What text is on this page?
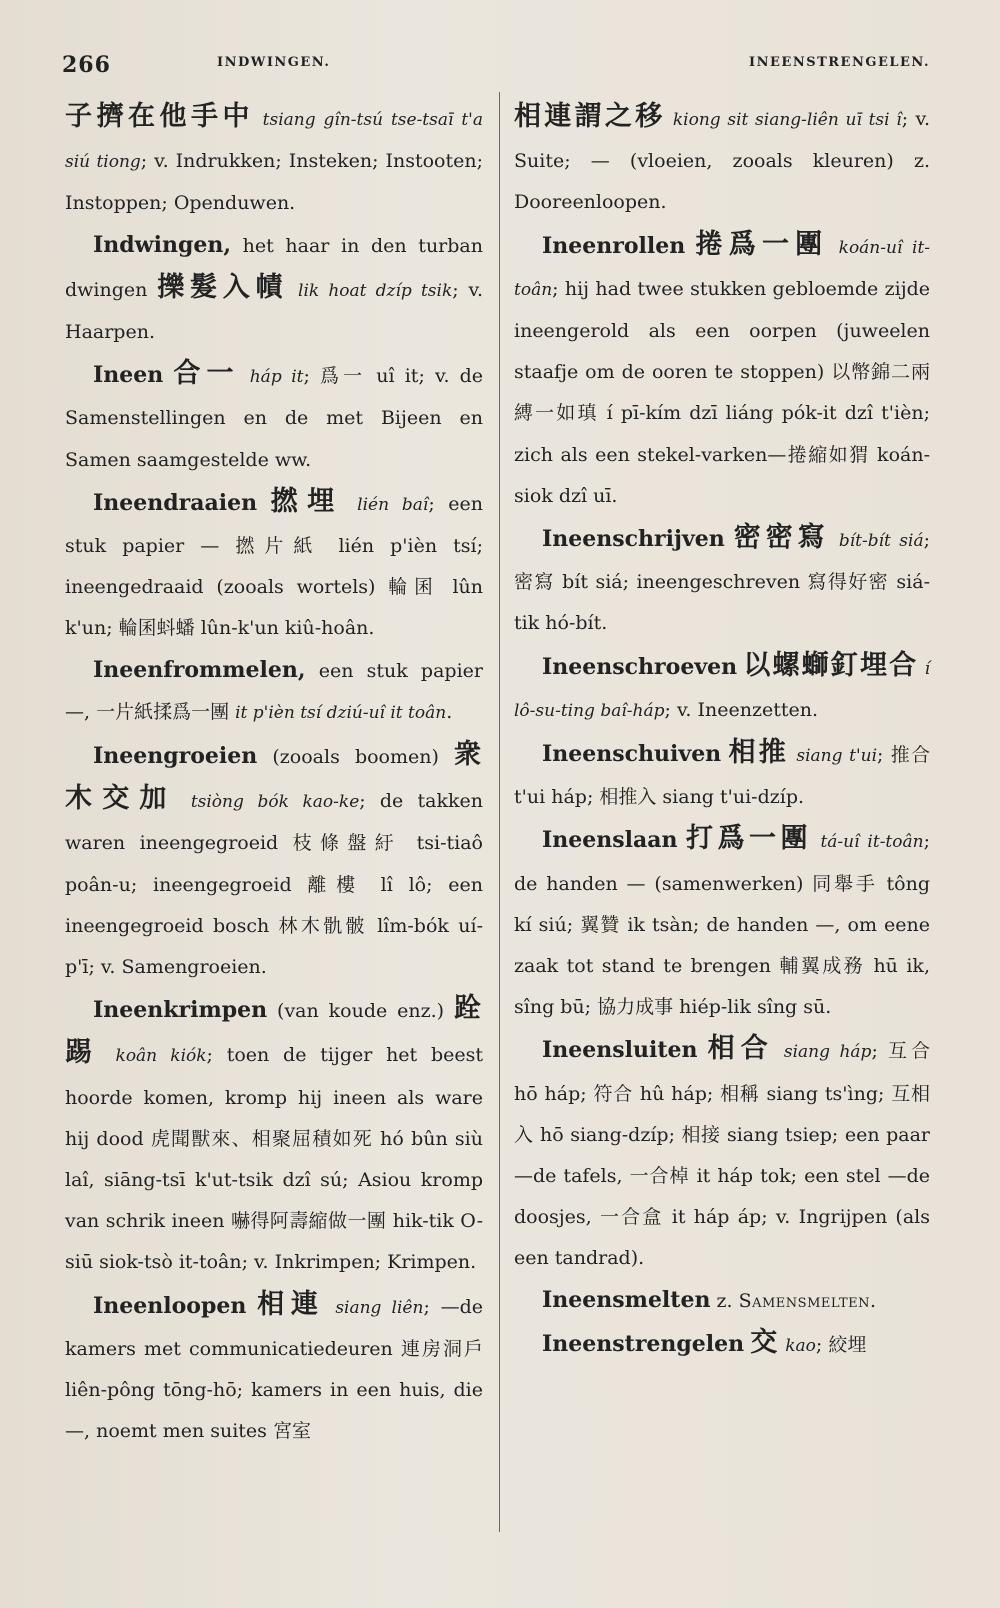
266	INDWINGEN.	INEENSTRENGELEN.

子擠在他手中 tsiang gîn-tsú tse-tsaī t'a siú tiong; v. Indrukken; Insteken; Instooten; Instoppen; Openduwen.

Indwingen, het haar in den turban dwingen 擽髮入幘 lik hoat dzíp tsik; v. Haarpen.

Ineen 合一 háp it; 爲一 uî it; v. de Samenstellingen en de met Bijeen en Samen saamgestelde ww.

Ineendraaien 撚埋 lién baî; een stuk papier — 撚片紙 lién p'ièn tsí; ineengedraaid (zooals wortels) 輪囷 lûn k'un; 輪囷蚪蟠 lûn-k'un kiû-hoân.

Ineenfrommelen, een stuk papier —, 一片紙揉爲一團 it p'ièn tsí dziú-uî it toân.

Ineengroeien (zooals boomen) 衆木交加 tsiòng bók kao-ke; de takken waren ineengegroeid 枝條盤紆 tsi-tiaô poân-u; ineengegroeid 離樓 lî lô; een ineengegroeid bosch 林木骩骳 lîm-bók uí-p'ī; v. Samengroeien.

Ineenkrimpen (van koude enz.) 跧踢 koân kiók; toen de tijger het beest hoorde komen, kromp hij ineen als ware hij dood 虎聞獸來、相聚屈積如死 hó bûn siù laî, siāng-tsī k'ut-tsik dzî sú; Asiou kromp van schrik ineen 嚇得阿壽縮做一團 hik-tik O-siū siok-tsò it-toân; v. Inkrimpen; Krimpen.

Ineenloopen 相連 siang liên; —de kamers met communicatiedeuren 連房洞戶 liên-pông tōng-hō; kamers in een huis, die —, noemt men suites 宮室

相連謂之移 kiong sit siang-liên uī tsi î; v. Suite; — (vloeien, zooals kleuren) z. Dooreenloopen.

Ineenrollen 捲爲一團 koán-uî it-toân; hij had twee stukken gebloemde zijde ineengerold als een oorpen (juweelen staafje om de ooren te stoppen) 以幣錦二兩縛一如瑱 í pī-kím dzī liáng pók-it dzî t'ièn; zich als een stekel-varken—捲縮如猬 koán-siok dzî uī.

Ineenschrijven 密密寫 bít-bít siá; 密寫 bít siá; ineengeschreven 寫得好密 siá-tik hó-bít.

Ineenschroeven 以螺螄釘埋合 í lô-su-ting baî-háp; v. Ineenzetten.

Ineenschuiven 相推 siang t'ui; 推合 t'ui háp; 相推入 siang t'ui-dzíp.

Ineenslaan 打爲一團 tá-uî it-toân; de handen — (samenwerken) 同舉手 tông kí siú; 翼贊 ik tsàn; de handen —, om eene zaak tot stand te brengen 輔翼成務 hū ik, sîng bū; 協力成事 hiép-lik sîng sū.

Ineensluiten 相合 siang háp; 互合 hō háp; 符合 hû háp; 相稱 siang ts'ìng; 互相入 hō siang-dzíp; 相接 siang tsiep; een paar —de tafels, 一合棹 it háp tok; een stel —de doosjes, 一合盒 it háp áp; v. Ingrijpen (als een tandrad).

Ineensmelten z. Samensmelten.

Ineenstrengelen 交 kao; 絞埋
